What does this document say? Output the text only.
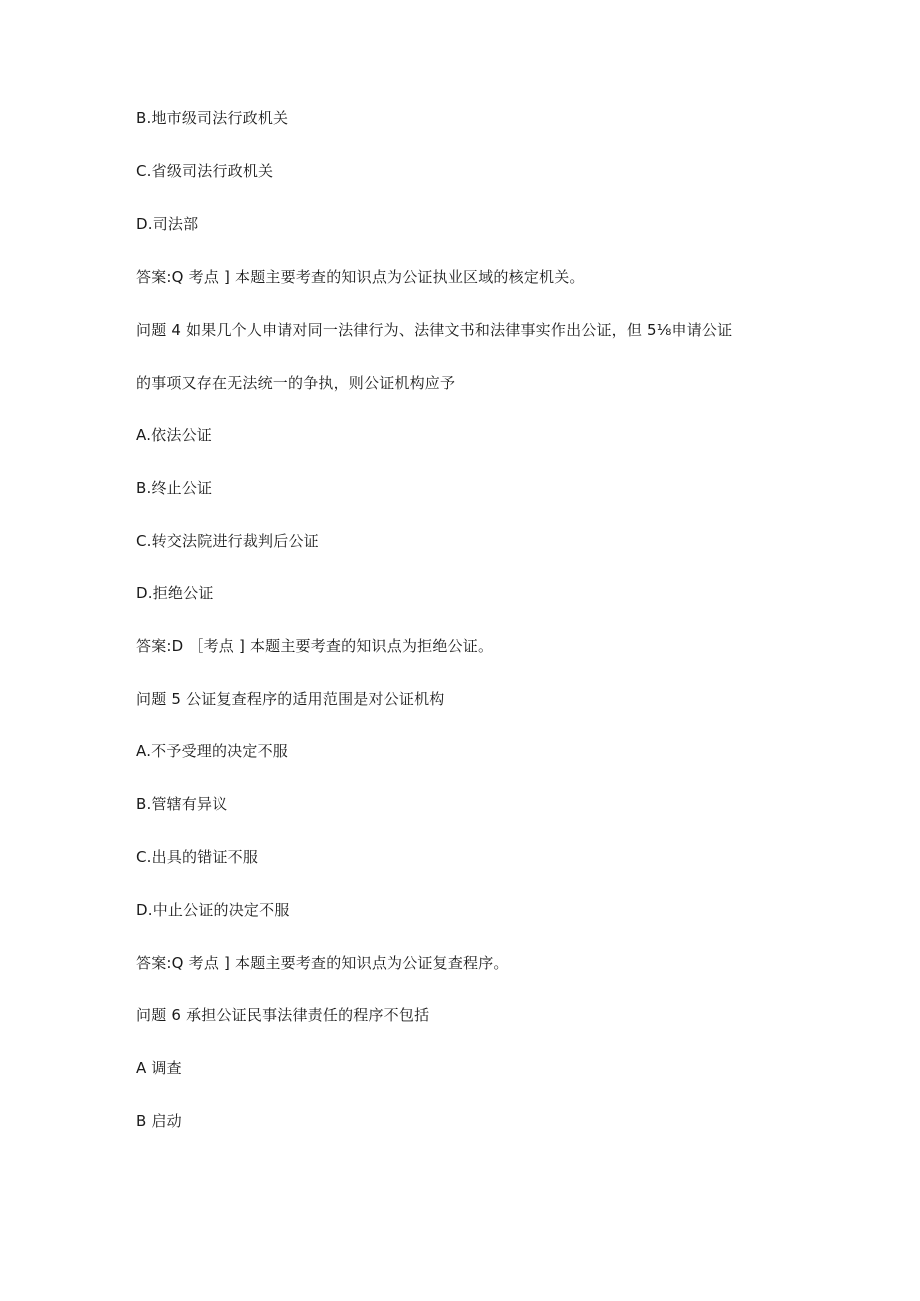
B.地市级司法行政机关
C.省级司法行政机关
D.司法部
答案:Q 考点 ] 本题主要考查的知识点为公证执业区域的核定机关。
问题 4 如果几个人申请对同一法律行为、法律文书和法律事实作出公证，但 5⅛申请公证
的事项又存在无法统一的争执，则公证机构应予
A.依法公证
B.终止公证
C.转交法院进行裁判后公证
D.拒绝公证
答案:D ［考点 ] 本题主要考查的知识点为拒绝公证。
问题 5 公证复查程序的适用范围是对公证机构
A.不予受理的决定不服
B.管辖有异议
C.出具的错证不服
D.中止公证的决定不服
答案:Q 考点 ] 本题主要考查的知识点为公证复查程序。
问题 6 承担公证民事法律责任的程序不包括
A 调查
B 启动
